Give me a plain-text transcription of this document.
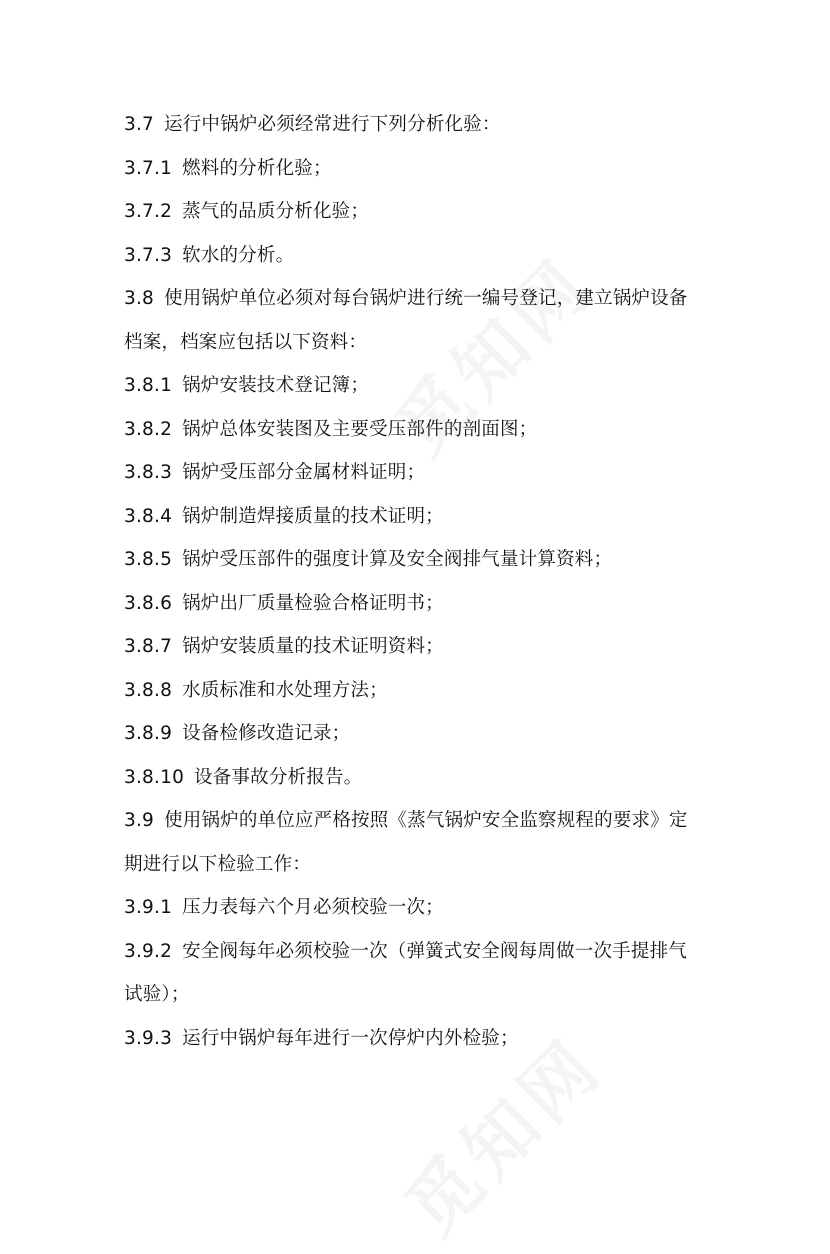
3.7 运行中锅炉必须经常进行下列分析化验：
3.7.1 燃料的分析化验；
3.7.2 蒸气的品质分析化验；
3.7.3 软水的分析。
3.8 使用锅炉单位必须对每台锅炉进行统一编号登记，建立锅炉设备
档案，档案应包括以下资料：
3.8.1 锅炉安装技术登记簿；
3.8.2 锅炉总体安装图及主要受压部件的剖面图；
3.8.3 锅炉受压部分金属材料证明；
3.8.4 锅炉制造焊接质量的技术证明；
3.8.5 锅炉受压部件的强度计算及安全阀排气量计算资料；
3.8.6 锅炉出厂质量检验合格证明书；
3.8.7 锅炉安装质量的技术证明资料；
3.8.8 水质标准和水处理方法；
3.8.9 设备检修改造记录；
3.8.10 设备事故分析报告。
3.9 使用锅炉的单位应严格按照《蒸气锅炉安全监察规程的要求》定
期进行以下检验工作：
3.9.1 压力表每六个月必须校验一次；
3.9.2 安全阀每年必须校验一次（弹簧式安全阀每周做一次手提排气
试验）；
3.9.3 运行中锅炉每年进行一次停炉内外检验；
